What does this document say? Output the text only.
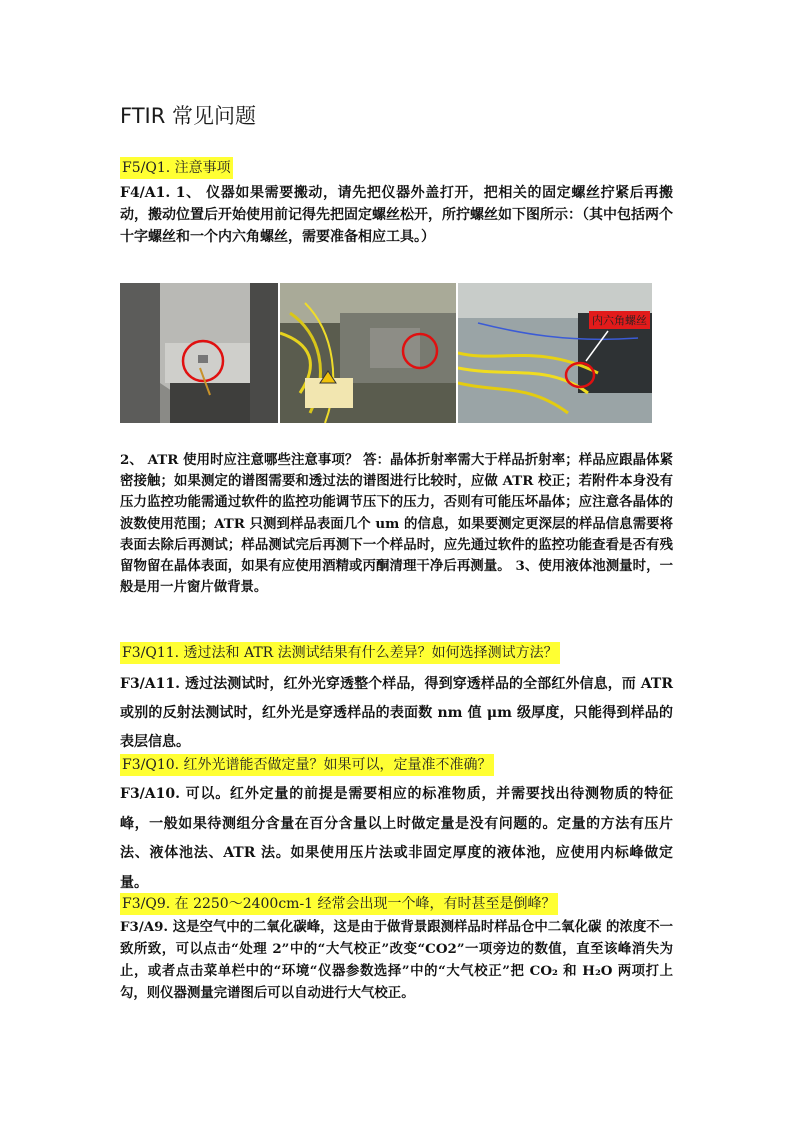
FTIR 常见问题
F5/Q1. 注意事项
F4/A1. 1、 仪器如果需要搬动，请先把仪器外盖打开，把相关的固定螺丝拧紧后再搬动，搬动位置后开始使用前记得先把固定螺丝松开，所拧螺丝如下图所示：（其中包括两个十字螺丝和一个内六角螺丝，需要准备相应工具。）
内六角螺丝
2、 ATR 使用时应注意哪些注意事项？ 答：晶体折射率需大于样品折射率；样品应跟晶体紧密接触；如果测定的谱图需要和透过法的谱图进行比较时，应做 ATR 校正；若附件本身没有压力监控功能需通过软件的监控功能调节压下的压力，否则有可能压坏晶体；应注意各晶体的波数使用范围；ATR 只测到样品表面几个 um 的信息，如果要测定更深层的样品信息需要将表面去除后再测试；样品测试完后再测下一个样品时，应先通过软件的监控功能查看是否有残留物留在晶体表面，如果有应使用酒精或丙酮清理干净后再测量。 3、使用液体池测量时，一般是用一片窗片做背景。
F3/Q11. 透过法和 ATR 法测试结果有什么差异？如何选择测试方法？
F3/A11. 透过法测试时，红外光穿透整个样品，得到穿透样品的全部红外信息，而 ATR 或别的反射法测试时，红外光是穿透样品的表面数 nm 值 μm 级厚度，只能得到样品的表层信息。
F3/Q10. 红外光谱能否做定量？如果可以，定量准不准确？
F3/A10. 可以。红外定量的前提是需要相应的标准物质，并需要找出待测物质的特征峰，一般如果待测组分含量在百分含量以上时做定量是没有问题的。定量的方法有压片法、液体池法、ATR 法。如果使用压片法或非固定厚度的液体池，应使用内标峰做定量。
F3/Q9. 在 2250～2400cm-1 经常会出现一个峰，有时甚至是倒峰？
F3/A9. 这是空气中的二氧化碳峰，这是由于做背景跟测样品时样品仓中二氧化碳 的浓度不一致所致，可以点击“处理 2”中的“大气校正”改变“CO2”一项旁边的数值，直至该峰消失为止，或者点击菜单栏中的“环境“仪器参数选择”中的“大气校正”把 CO₂ 和 H₂O 两项打上勾，则仪器测量完谱图后可以自动进行大气校正。
